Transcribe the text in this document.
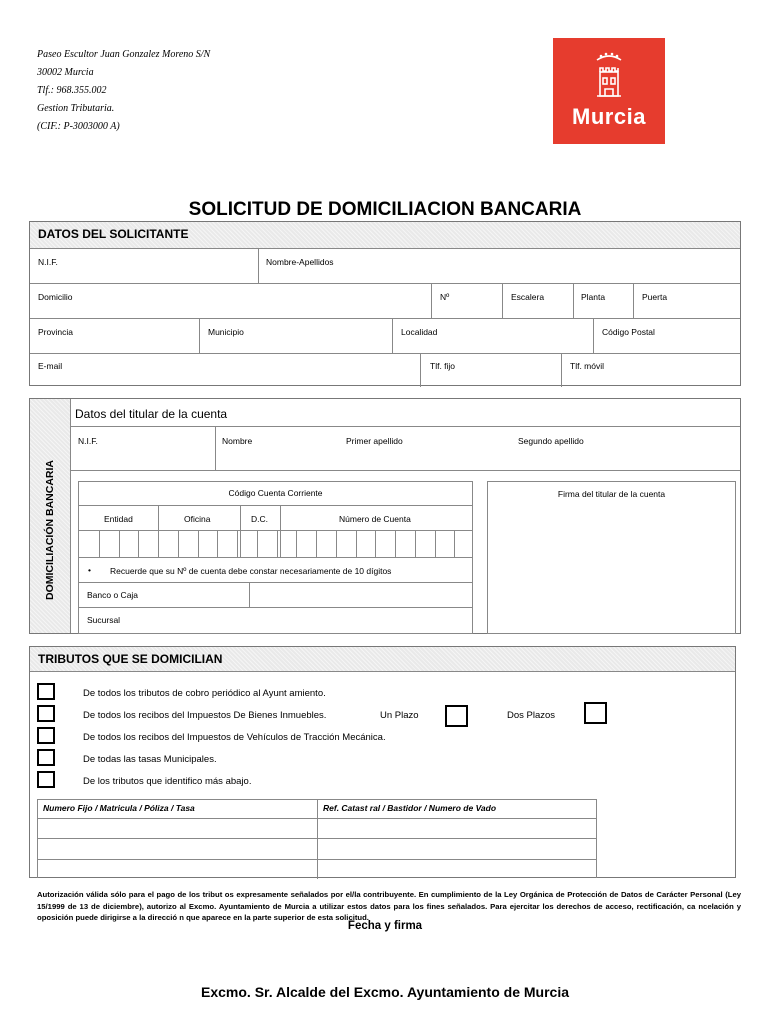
Paseo Escultor Juan Gonzalez Moreno S/N
30002 Murcia
Tlf.: 968.355.002
Gestion Tributaria.
(CIF.: P-3003000 A)	Murcia
SOLICITUD DE DOMICILIACION BANCARIA
DATOS DEL SOLICITANTE
N.I.F.	Nombre-Apellidos
Domicilio	Nº	Escalera	Planta	Puerta
Provincia	Municipio	Localidad	Código Postal
E-mail	Tlf. fijo	Tlf. móvil
Datos del titular de la cuenta
N.I.F.	Nombre	Primer apellido	Segundo apellido
DOMICILIACIÓN BANCARIA	Código Cuenta Corriente
Entidad	Oficina	D.C.	Número de Cuenta
• Recuerde que su Nº de cuenta debe constar necesariamente de 10 dígitos
Banco o Caja
Sucursal
Firma del titular de la cuenta
TRIBUTOS QUE SE DOMICILIAN
De todos los tributos de cobro periódico al Ayunt amiento.
De todos los recibos del Impuestos De Bienes Inmuebles.
De todos los recibos del Impuestos de Vehículos de Tracción Mecánica.
De todas las tasas Municipales.
De los tributos que identifico más abajo.
Un Plazo	Dos Plazos
Numero Fijo / Matricula / Póliza / Tasa	Ref. Catast ral / Bastidor / Numero de Vado
Autorización válida sólo para el pago de los tribut os expresamente señalados por el/la contribuyente. En cumplimiento de la Ley Orgánica de Protección de Datos de Carácter Personal (Ley 15/1999 de 13 de diciembre), autorizo al Excmo. Ayuntamiento de Murcia a utilizar estos datos para los fines señalados. Para ejercitar los derechos de acceso, rectificación, ca ncelación y oposición puede dirigirse a la direcció n que aparece en la parte superior de esta solicitud.
Fecha y firma
Excmo. Sr. Alcalde del Excmo. Ayuntamiento de Murcia
